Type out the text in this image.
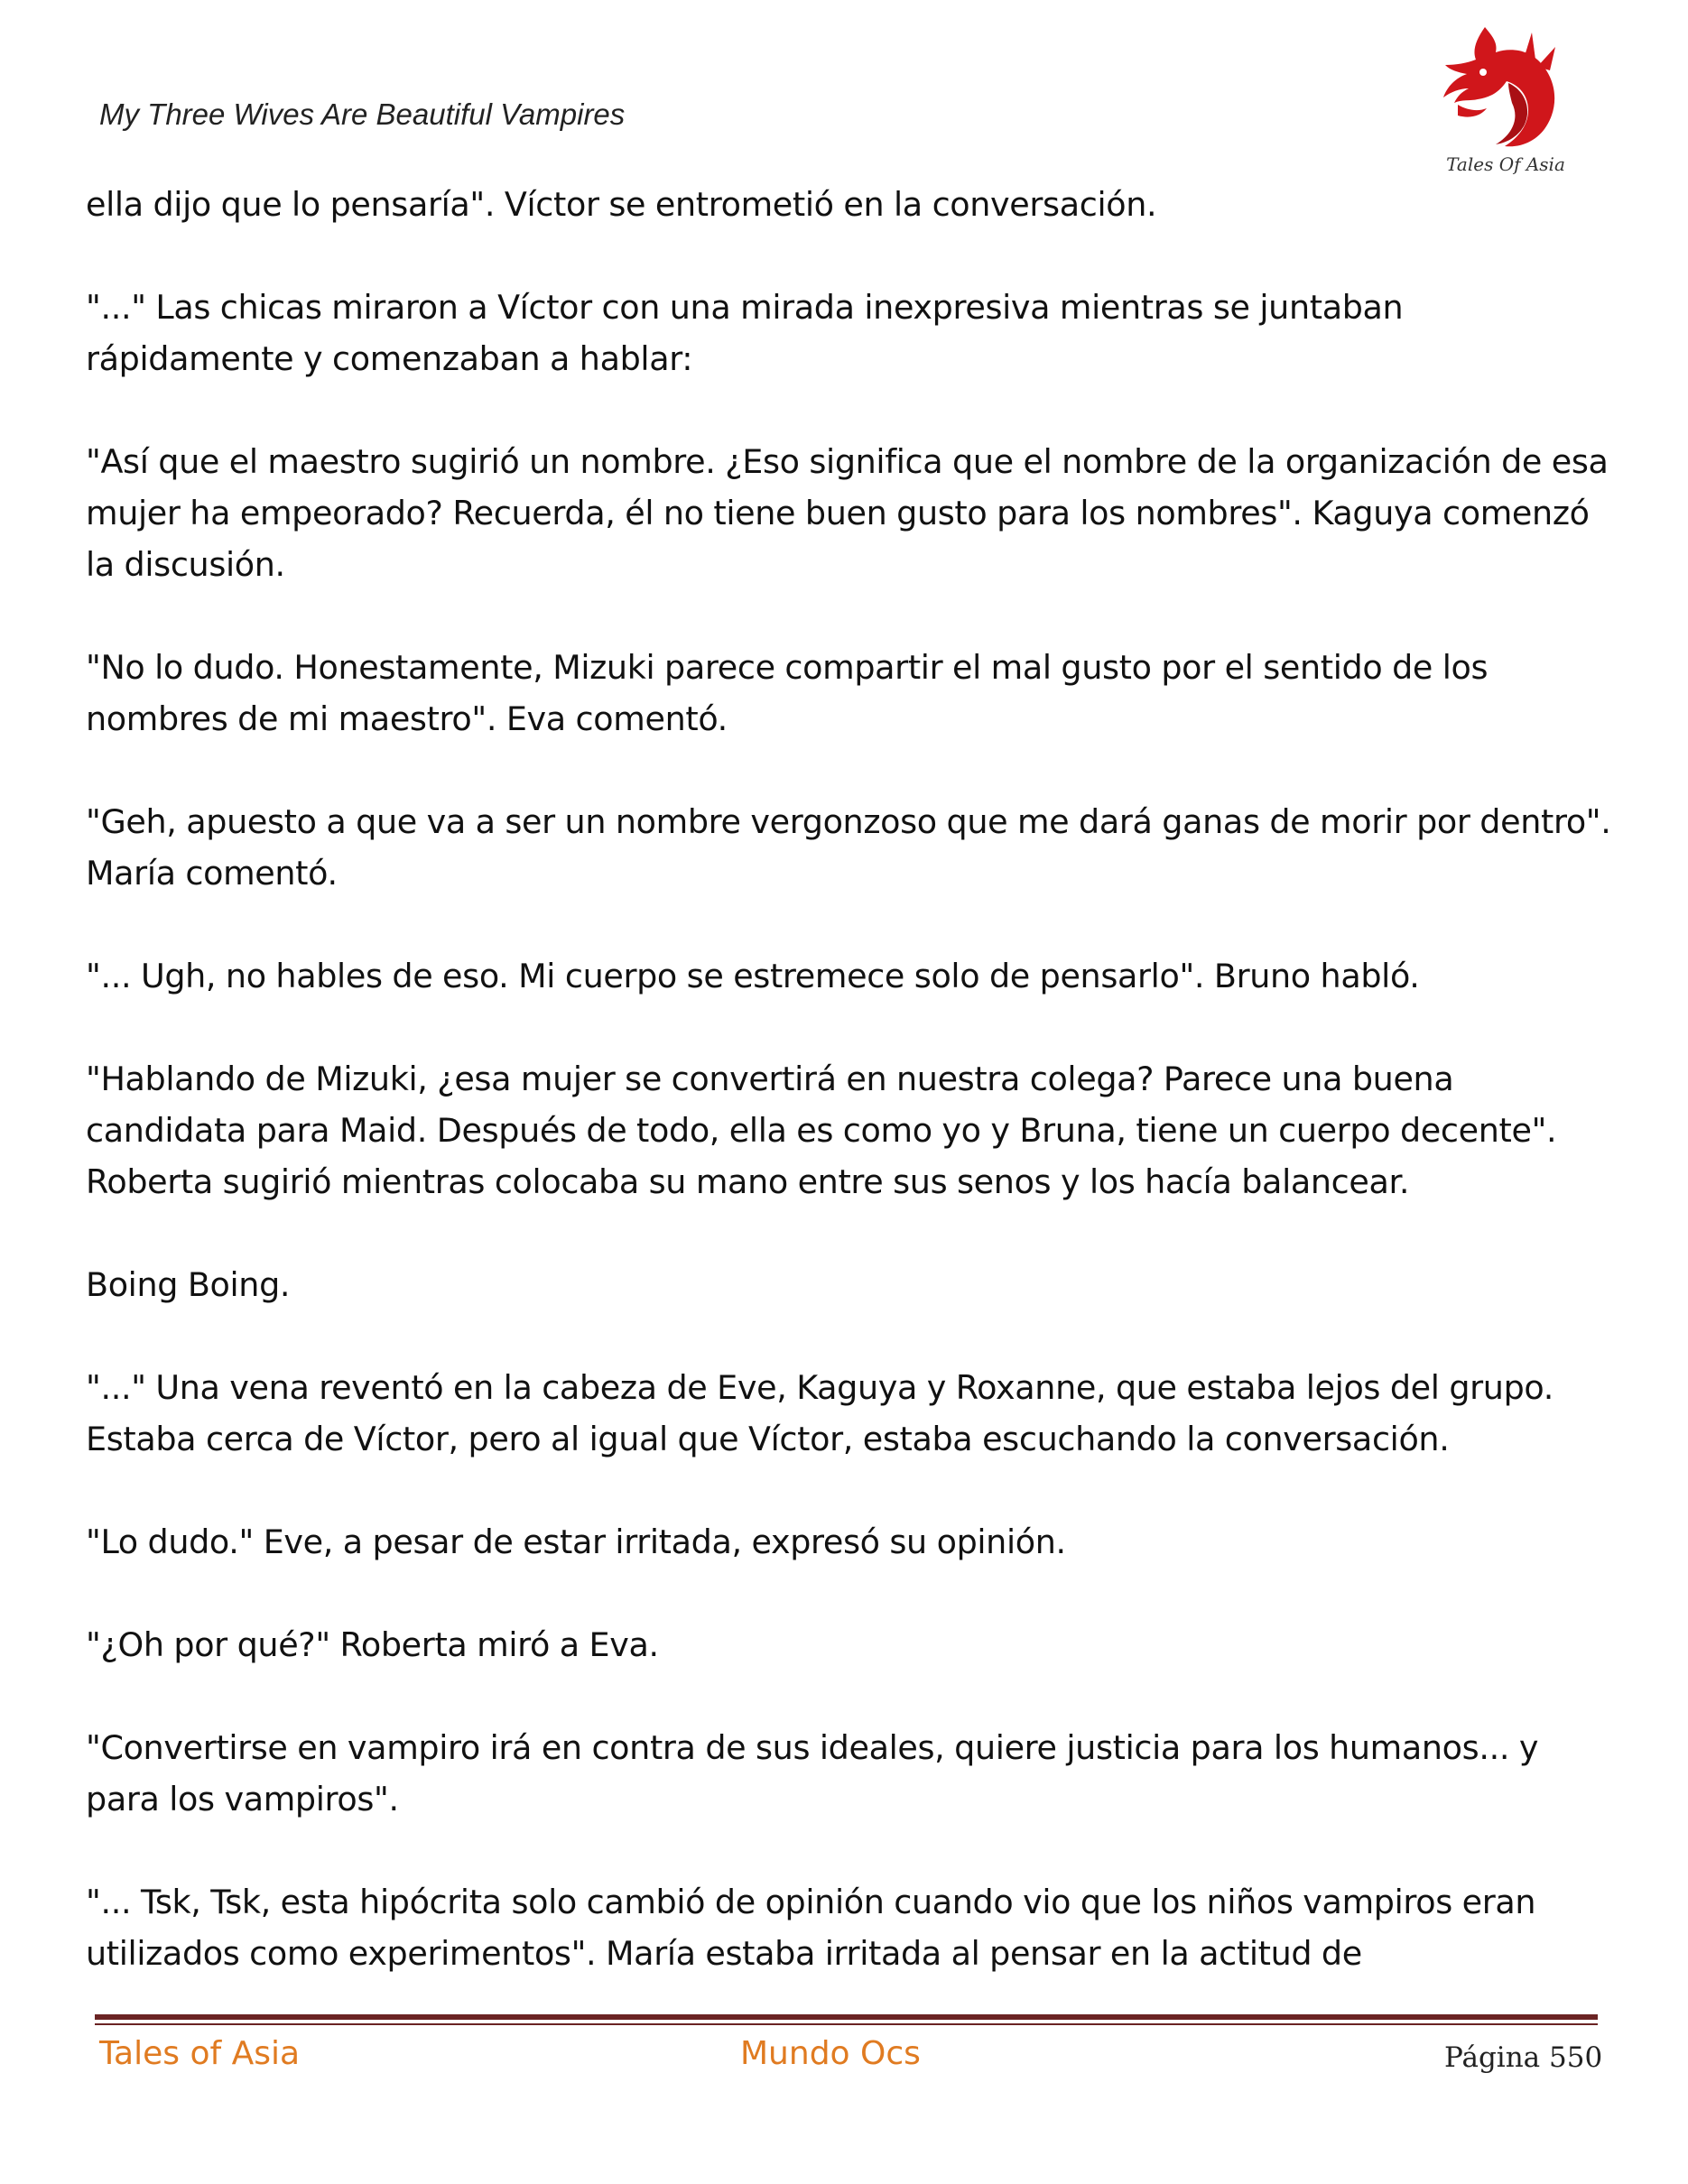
My Three Wives Are Beautiful Vampires
Tales Of Asia

ella dijo que lo pensaría". Víctor se entrometió en la conversación.

"..." Las chicas miraron a Víctor con una mirada inexpresiva mientras se juntaban rápidamente y comenzaban a hablar:

"Así que el maestro sugirió un nombre. ¿Eso significa que el nombre de la organización de esa mujer ha empeorado? Recuerda, él no tiene buen gusto para los nombres". Kaguya comenzó la discusión.

"No lo dudo. Honestamente, Mizuki parece compartir el mal gusto por el sentido de los nombres de mi maestro". Eva comentó.

"Geh, apuesto a que va a ser un nombre vergonzoso que me dará ganas de morir por dentro". María comentó.

"... Ugh, no hables de eso. Mi cuerpo se estremece solo de pensarlo". Bruno habló.

"Hablando de Mizuki, ¿esa mujer se convertirá en nuestra colega? Parece una buena candidata para Maid. Después de todo, ella es como yo y Bruna, tiene un cuerpo decente". Roberta sugirió mientras colocaba su mano entre sus senos y los hacía balancear.

Boing Boing.

"..." Una vena reventó en la cabeza de Eve, Kaguya y Roxanne, que estaba lejos del grupo. Estaba cerca de Víctor, pero al igual que Víctor, estaba escuchando la conversación.

"Lo dudo." Eve, a pesar de estar irritada, expresó su opinión.

"¿Oh por qué?" Roberta miró a Eva.

"Convertirse en vampiro irá en contra de sus ideales, quiere justicia para los humanos... y para los vampiros".

"... Tsk, Tsk, esta hipócrita solo cambió de opinión cuando vio que los niños vampiros eran utilizados como experimentos". María estaba irritada al pensar en la actitud de

Tales of Asia	Mundo Ocs	Página 550
